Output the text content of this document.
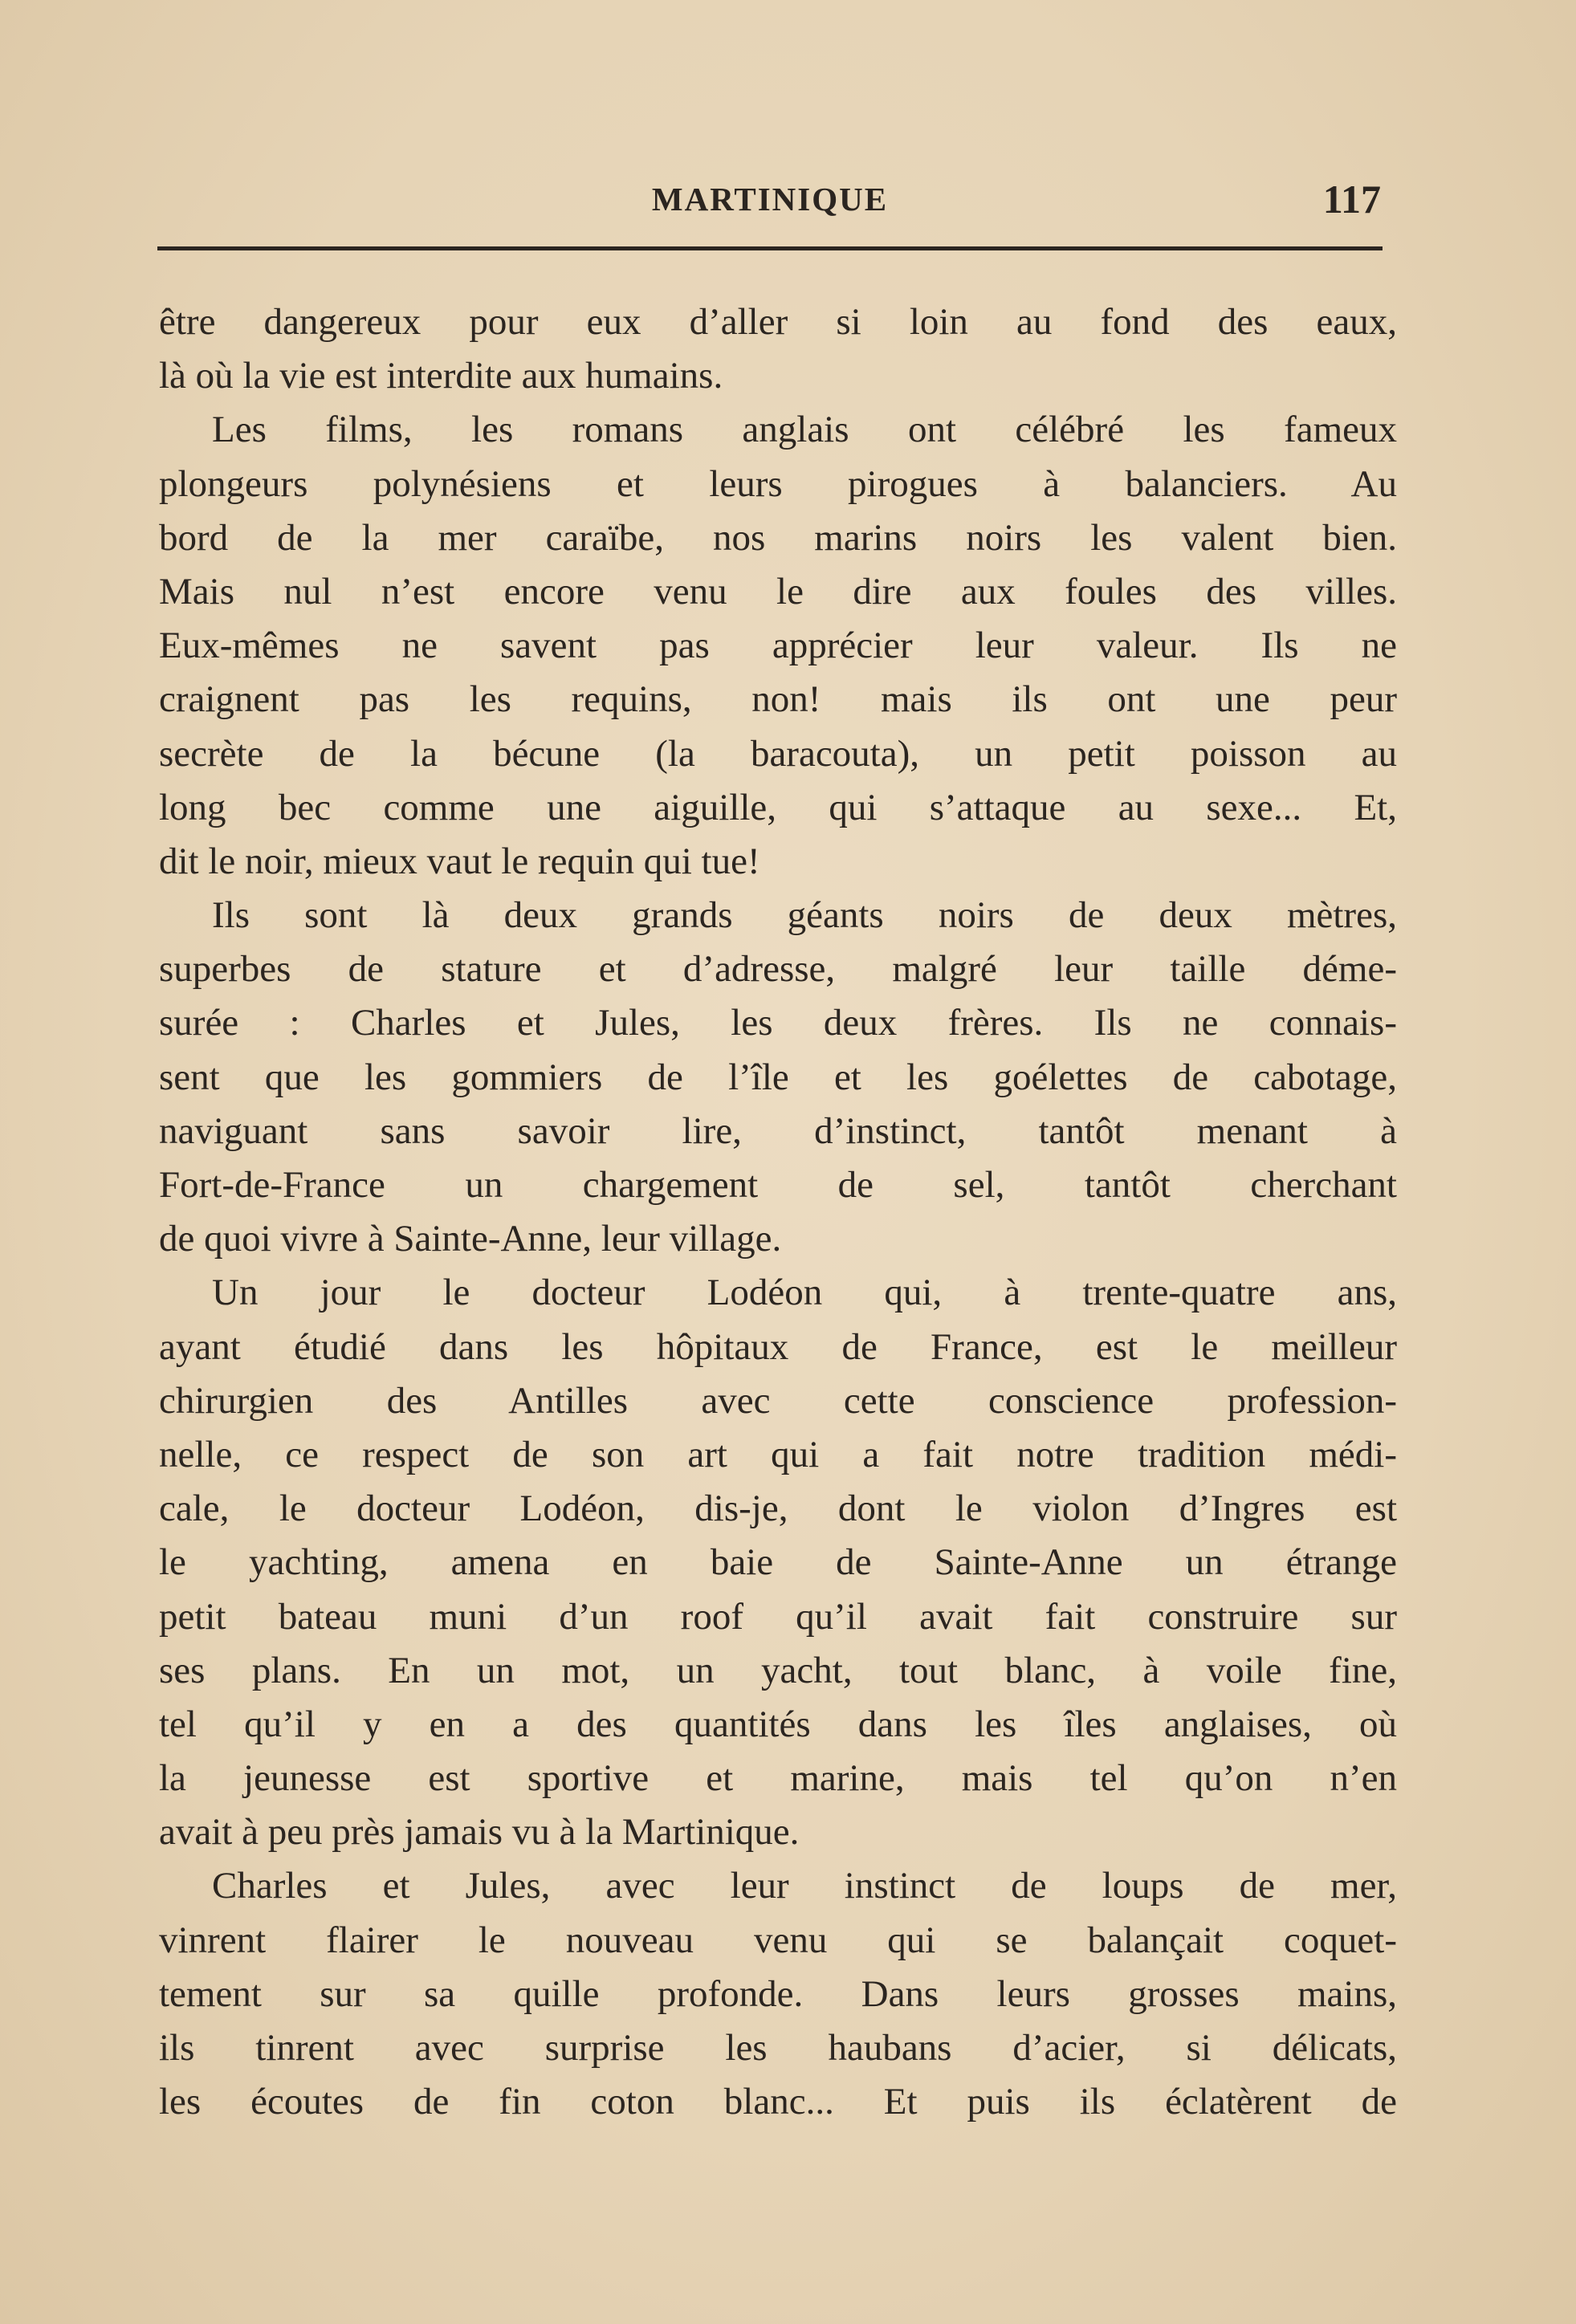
MARTINIQUE	117
être dangereux pour eux d’aller si loin au fond des eaux,
là où la vie est interdite aux humains.
Les films, les romans anglais ont célébré les fameux
plongeurs polynésiens et leurs pirogues à balanciers. Au
bord de la mer caraïbe, nos marins noirs les valent bien.
Mais nul n’est encore venu le dire aux foules des villes.
Eux-mêmes ne savent pas apprécier leur valeur. Ils ne
craignent pas les requins, non! mais ils ont une peur
secrète de la bécune (la baracouta), un petit poisson au
long bec comme une aiguille, qui s’attaque au sexe... Et,
dit le noir, mieux vaut le requin qui tue!
Ils sont là deux grands géants noirs de deux mètres,
superbes de stature et d’adresse, malgré leur taille déme-
surée : Charles et Jules, les deux frères. Ils ne connais-
sent que les gommiers de l’île et les goélettes de cabotage,
naviguant sans savoir lire, d’instinct, tantôt menant à
Fort-de-France un chargement de sel, tantôt cherchant
de quoi vivre à Sainte-Anne, leur village.
Un jour le docteur Lodéon qui, à trente-quatre ans,
ayant étudié dans les hôpitaux de France, est le meilleur
chirurgien des Antilles avec cette conscience profession-
nelle, ce respect de son art qui a fait notre tradition médi-
cale, le docteur Lodéon, dis-je, dont le violon d’Ingres est
le yachting, amena en baie de Sainte-Anne un étrange
petit bateau muni d’un roof qu’il avait fait construire sur
ses plans. En un mot, un yacht, tout blanc, à voile fine,
tel qu’il y en a des quantités dans les îles anglaises, où
la jeunesse est sportive et marine, mais tel qu’on n’en
avait à peu près jamais vu à la Martinique.
Charles et Jules, avec leur instinct de loups de mer,
vinrent flairer le nouveau venu qui se balançait coquet-
tement sur sa quille profonde. Dans leurs grosses mains,
ils tinrent avec surprise les haubans d’acier, si délicats,
les écoutes de fin coton blanc... Et puis ils éclatèrent de
